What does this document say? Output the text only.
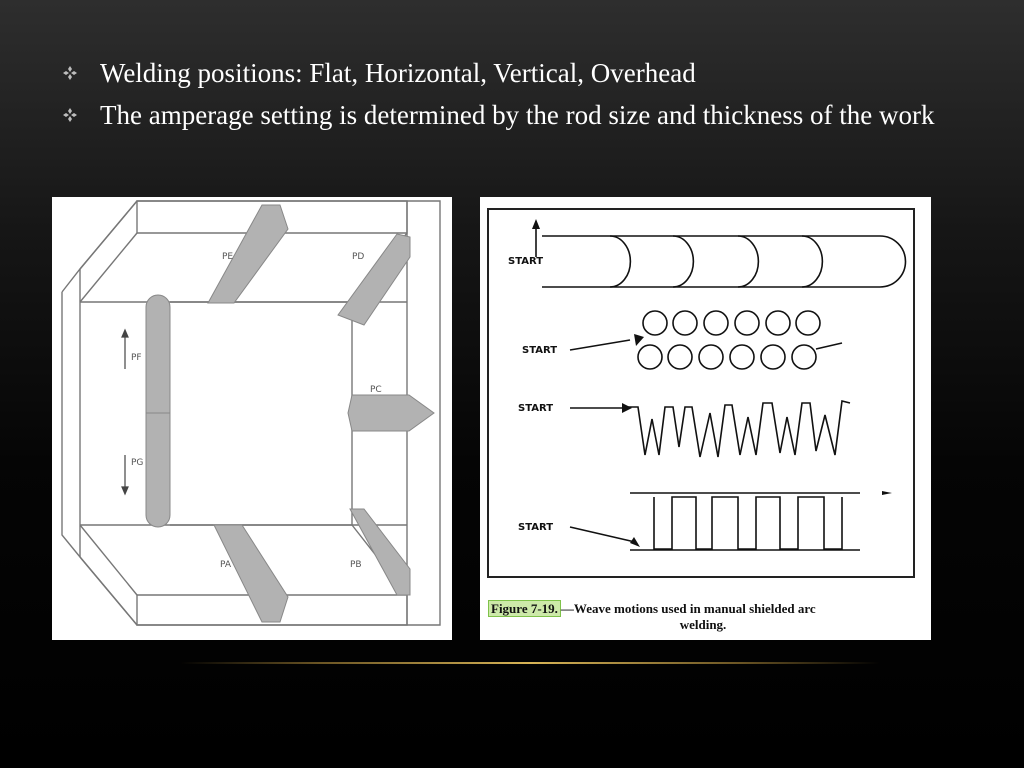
Welding positions: Flat, Horizontal, Vertical, Overhead
The amperage setting is determined by the rod size and thickness of the work
PE	PD
PF
PC
PG
PA	PB
START
START
START
START
Figure 7-19. —Weave motions used in manual shielded arc
welding.
